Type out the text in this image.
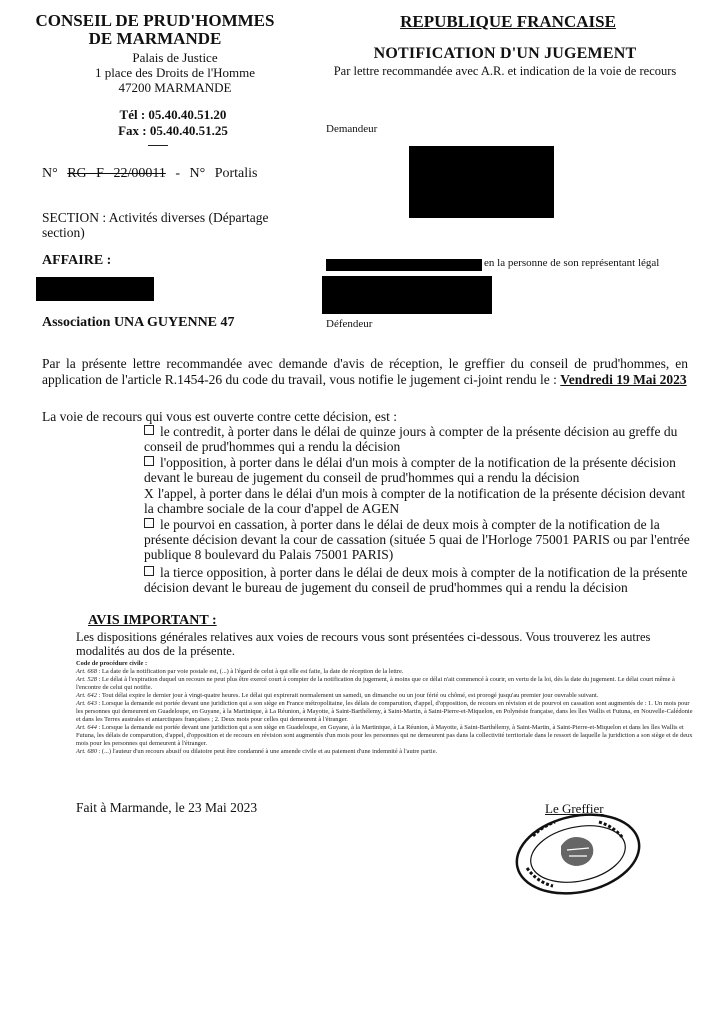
CONSEIL DE PRUD'HOMMES
DE MARMANDE
Palais de Justice
1 place des Droits de l'Homme
47200 MARMANDE
Tél : 05.40.40.51.20
Fax : 05.40.40.51.25
REPUBLIQUE FRANCAISE
NOTIFICATION D'UN JUGEMENT
Par lettre recommandée avec A.R. et indication de la voie de recours
Demandeur
N° RG F 22/00011 - N° Portalis
SECTION : Activités diverses (Départage section)
AFFAIRE :	en la personne de son représentant légal
Association UNA GUYENNE 47	Défendeur
Par la présente lettre recommandée avec demande d'avis de réception, le greffier du conseil de prud'hommes, en application de l'article R.1454-26 du code du travail, vous notifie le jugement ci-joint rendu le : Vendredi 19 Mai 2023
La voie de recours qui vous est ouverte contre cette décision, est :
le contredit, à porter dans le délai de quinze jours à compter de la présente décision au greffe du conseil de prud'hommes qui a rendu la décision
l'opposition, à porter dans le délai d'un mois à compter de la notification de la présente décision devant le bureau de jugement du conseil de prud'hommes qui a rendu la décision
X l'appel, à porter dans le délai d'un mois à compter de la notification de la présente décision devant la chambre sociale de la cour d'appel de AGEN
le pourvoi en cassation, à porter dans le délai de deux mois à compter de la notification de la présente décision devant la cour de cassation (située 5 quai de l'Horloge 75001 PARIS ou par l'entrée publique 8 boulevard du Palais 75001 PARIS)
la tierce opposition, à porter dans le délai de deux mois à compter de la notification de la présente décision devant le bureau de jugement du conseil de prud'hommes qui a rendu la décision
AVIS IMPORTANT :
Les dispositions générales relatives aux voies de recours vous sont présentées ci-dessous. Vous trouverez les autres modalités au dos de la présente.
Code de procédure civile :
Art. 668 : La date de la notification par voie postale est, (...) à l'égard de celui à qui elle est faite, la date de réception de la lettre.
Art. 528 : Le délai à l'expiration duquel un recours ne peut plus être exercé court à compter de la notification du jugement, à moins que ce délai n'ait commencé à courir, en vertu de la loi, dès la date du jugement. Le délai court même à l'encontre de celui qui notifie.
Art. 642 : Tout délai expire le dernier jour à vingt-quatre heures. Le délai qui expirerait normalement un samedi, un dimanche ou un jour férié ou chômé, est prorogé jusqu'au premier jour ouvrable suivant.
Art. 643 : Lorsque la demande est portée devant une juridiction qui a son siège en France métropolitaine, les délais de comparution, d'appel, d'opposition, de recours en révision et de pourvoi en cassation sont augmentés de : 1. Un mois pour les personnes qui demeurent en Guadeloupe, en Guyane, à la Martinique, à La Réunion, à Mayotte, à Saint-Barthélemy, à Saint-Martin, à Saint-Pierre-et-Miquelon, en Polynésie française, dans les îles Wallis et Futuna, en Nouvelle-Calédonie et dans les Terres australes et antarctiques françaises ; 2. Deux mois pour celles qui demeurent à l'étranger.
Art. 644 : Lorsque la demande est portée devant une juridiction qui a son siège en Guadeloupe, en Guyane, à la Martinique, à La Réunion, à Mayotte, à Saint-Barthélemy, à Saint-Martin, à Saint-Pierre-et-Miquelon et dans les îles Wallis et Futuna, les délais de comparution, d'appel, d'opposition et de recours en révision sont augmentés d'un mois pour les personnes qui ne demeurent pas dans la collectivité territoriale dans le ressort de laquelle la juridiction a son siège et de deux mois pour les personnes qui demeurent à l'étranger.
Art. 680 : (...) l'auteur d'un recours abusif ou dilatoire peut être condamné à une amende civile et au paiement d'une indemnité à l'autre partie.
Fait à Marmande, le 23 Mai 2023	Le Greffier
